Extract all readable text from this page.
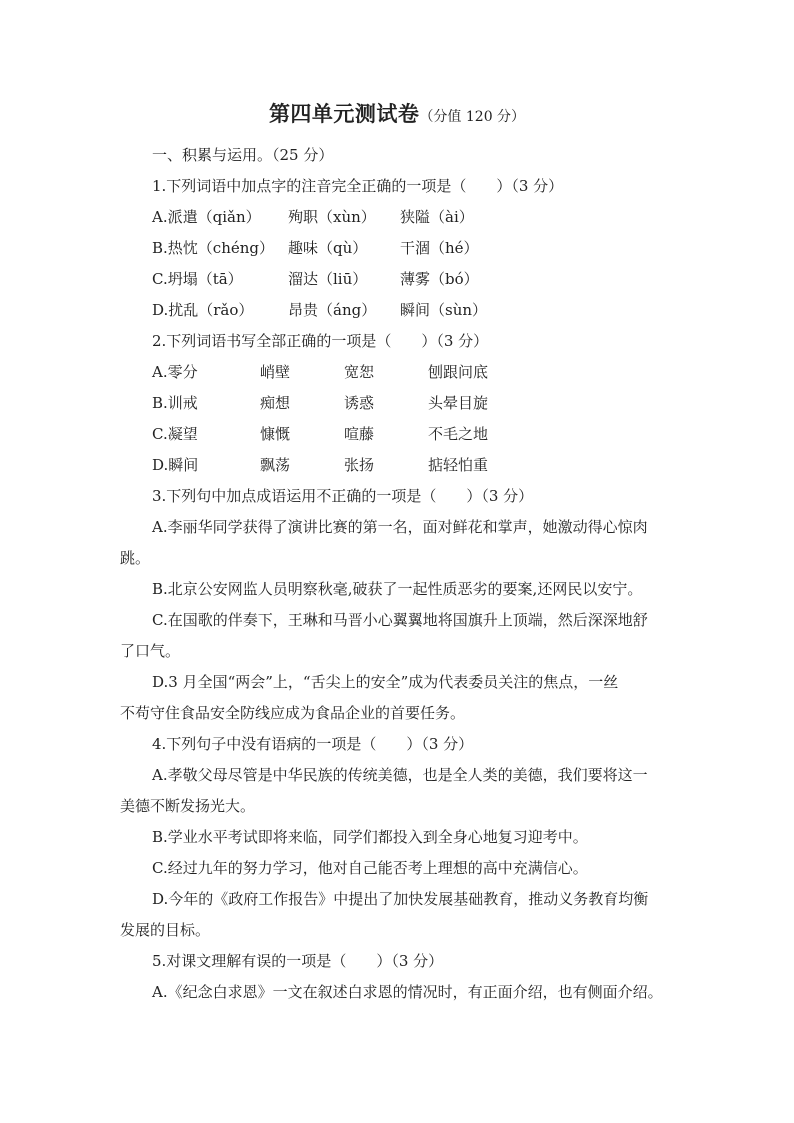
第四单元测试卷（分值 120 分）
一、积累与运用。（25 分）
1.下列词语中加点字的注音完全正确的一项是（　　）（3 分）
A.派遣（qiǎn） 殉职（xùn） 狭隘（ài）
B.热忱（chéng） 趣味（qù） 干涸（hé）
C.坍塌（tā）	溜达（liū） 薄雾（bó）
D.扰乱（rǎo） 昂贵（áng） 瞬间（sùn）
2.下列词语书写全部正确的一项是（　　）（3 分）
A.零分	峭壁	宽恕	刨跟问底
B.训戒	痴想	诱惑	头晕目旋
C.凝望	慷慨	喧藤	不毛之地
D.瞬间	飘荡	张扬	掂轻怕重
3.下列句中加点成语运用不正确的一项是（　　）（3 分）
A.李丽华同学获得了演讲比赛的第一名，面对鲜花和掌声，她激动得心惊肉
跳。
B.北京公安网监人员明察秋毫,破获了一起性质恶劣的要案,还网民以安宁。
C.在国歌的伴奏下，王琳和马晋小心翼翼地将国旗升上顶端，然后深深地舒
了口气。
D.3 月全国“两会”上，“舌尖上的安全”成为代表委员关注的焦点，一丝
不苟守住食品安全防线应成为食品企业的首要任务。
4.下列句子中没有语病的一项是（　　）（3 分）
A.孝敬父母尽管是中华民族的传统美德，也是全人类的美德，我们要将这一
美德不断发扬光大。
B.学业水平考试即将来临，同学们都投入到全身心地复习迎考中。
C.经过九年的努力学习，他对自己能否考上理想的高中充满信心。
D.今年的《政府工作报告》中提出了加快发展基础教育，推动义务教育均衡
发展的目标。
5.对课文理解有误的一项是（　　）（3 分）
A.《纪念白求恩》一文在叙述白求恩的情况时，有正面介绍，也有侧面介绍。
